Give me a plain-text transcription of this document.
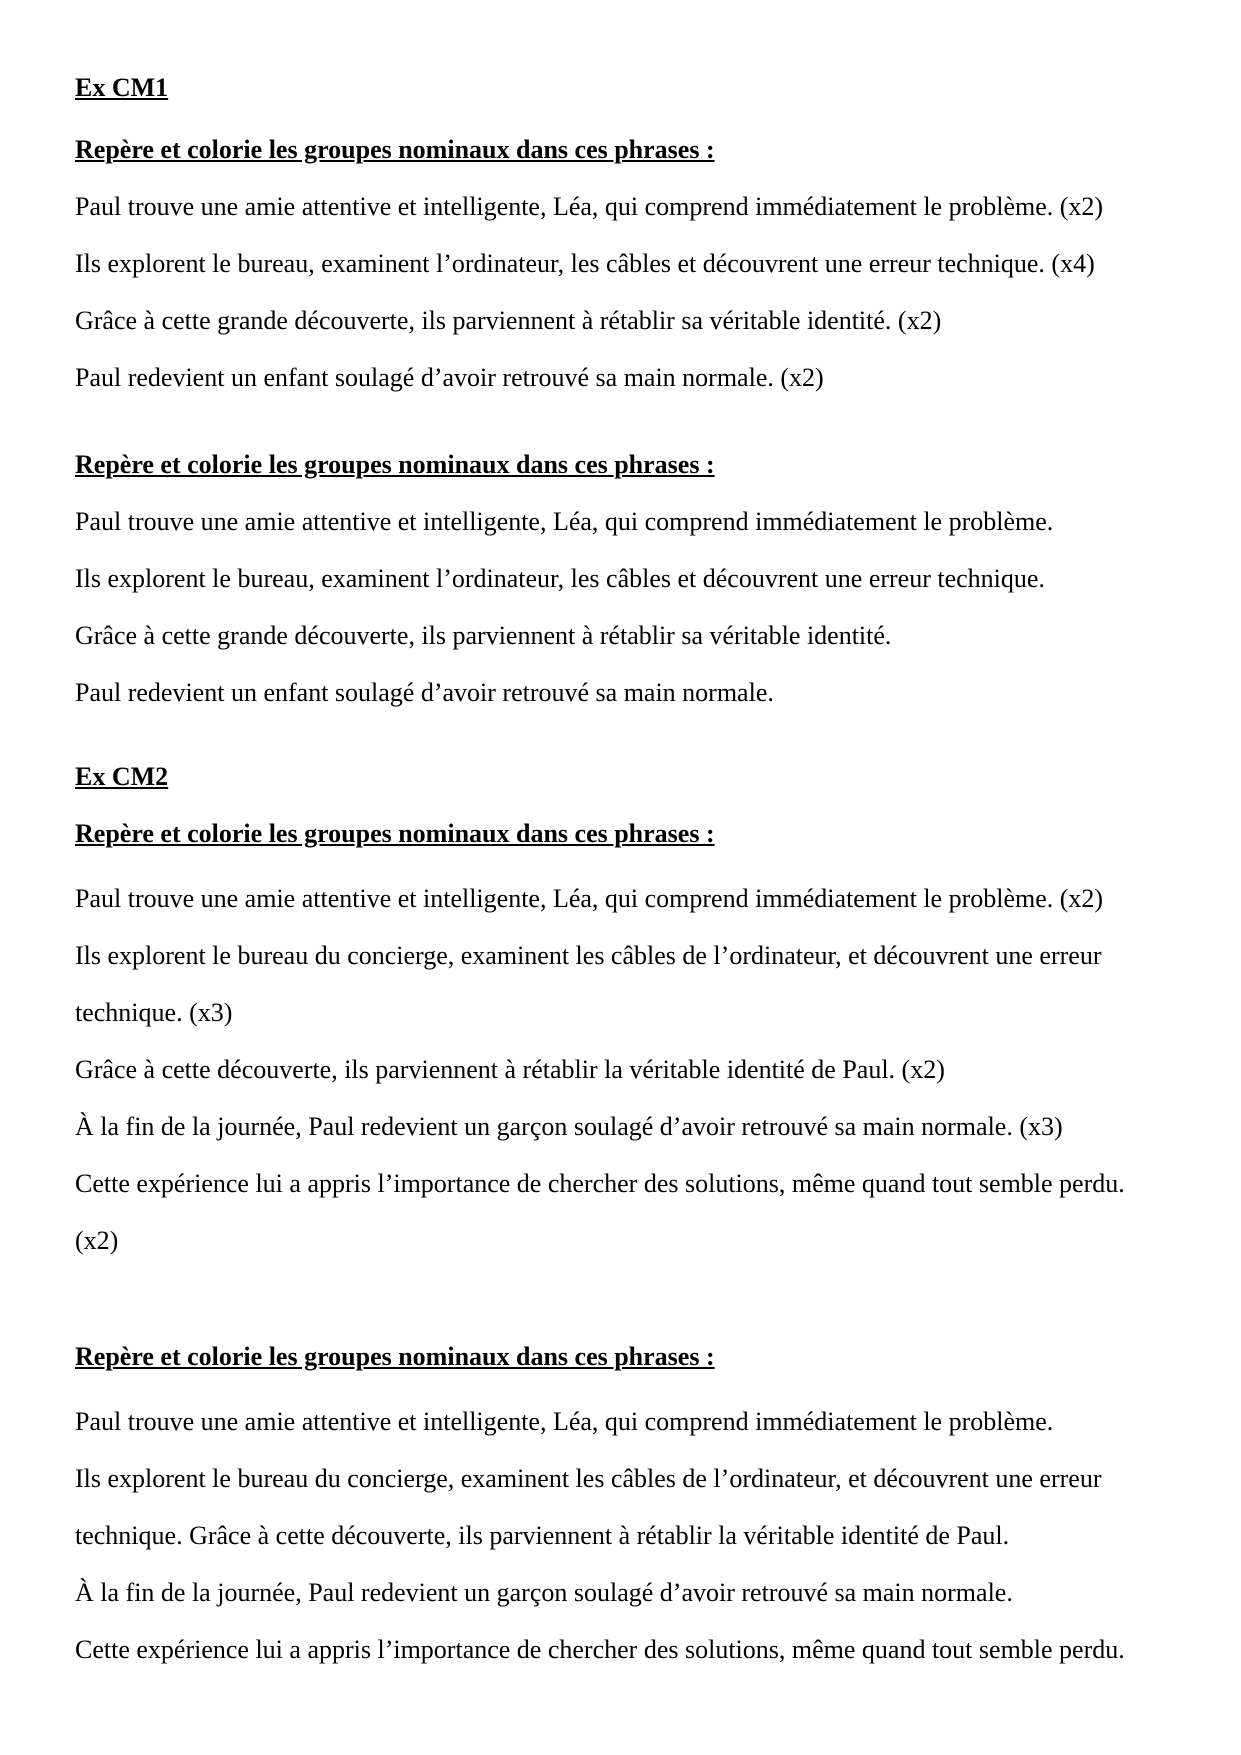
Ex CM1
Repère et colorie les groupes nominaux dans ces phrases :

Paul trouve une amie attentive et intelligente, Léa, qui comprend immédiatement le problème. (x2)

Ils explorent le bureau, examinent l’ordinateur, les câbles et découvrent une erreur technique. (x4)

Grâce à cette grande découverte, ils parviennent à rétablir sa véritable identité. (x2)

Paul redevient un enfant soulagé d’avoir retrouvé sa main normale. (x2)

Repère et colorie les groupes nominaux dans ces phrases :

Paul trouve une amie attentive et intelligente, Léa, qui comprend immédiatement le problème.

Ils explorent le bureau, examinent l’ordinateur, les câbles et découvrent une erreur technique.

Grâce à cette grande découverte, ils parviennent à rétablir sa véritable identité.

Paul redevient un enfant soulagé d’avoir retrouvé sa main normale.

Ex CM2
Repère et colorie les groupes nominaux dans ces phrases :

Paul trouve une amie attentive et intelligente, Léa, qui comprend immédiatement le problème. (x2)

Ils explorent le bureau du concierge, examinent les câbles de l’ordinateur, et découvrent une erreur technique. (x3)

Grâce à cette découverte, ils parviennent à rétablir la véritable identité de Paul. (x2)

À la fin de la journée, Paul redevient un garçon soulagé d’avoir retrouvé sa main normale. (x3)

Cette expérience lui a appris l’importance de chercher des solutions, même quand tout semble perdu. (x2)

Repère et colorie les groupes nominaux dans ces phrases :

Paul trouve une amie attentive et intelligente, Léa, qui comprend immédiatement le problème.

Ils explorent le bureau du concierge, examinent les câbles de l’ordinateur, et découvrent une erreur technique. Grâce à cette découverte, ils parviennent à rétablir la véritable identité de Paul.

À la fin de la journée, Paul redevient un garçon soulagé d’avoir retrouvé sa main normale.

Cette expérience lui a appris l’importance de chercher des solutions, même quand tout semble perdu.
